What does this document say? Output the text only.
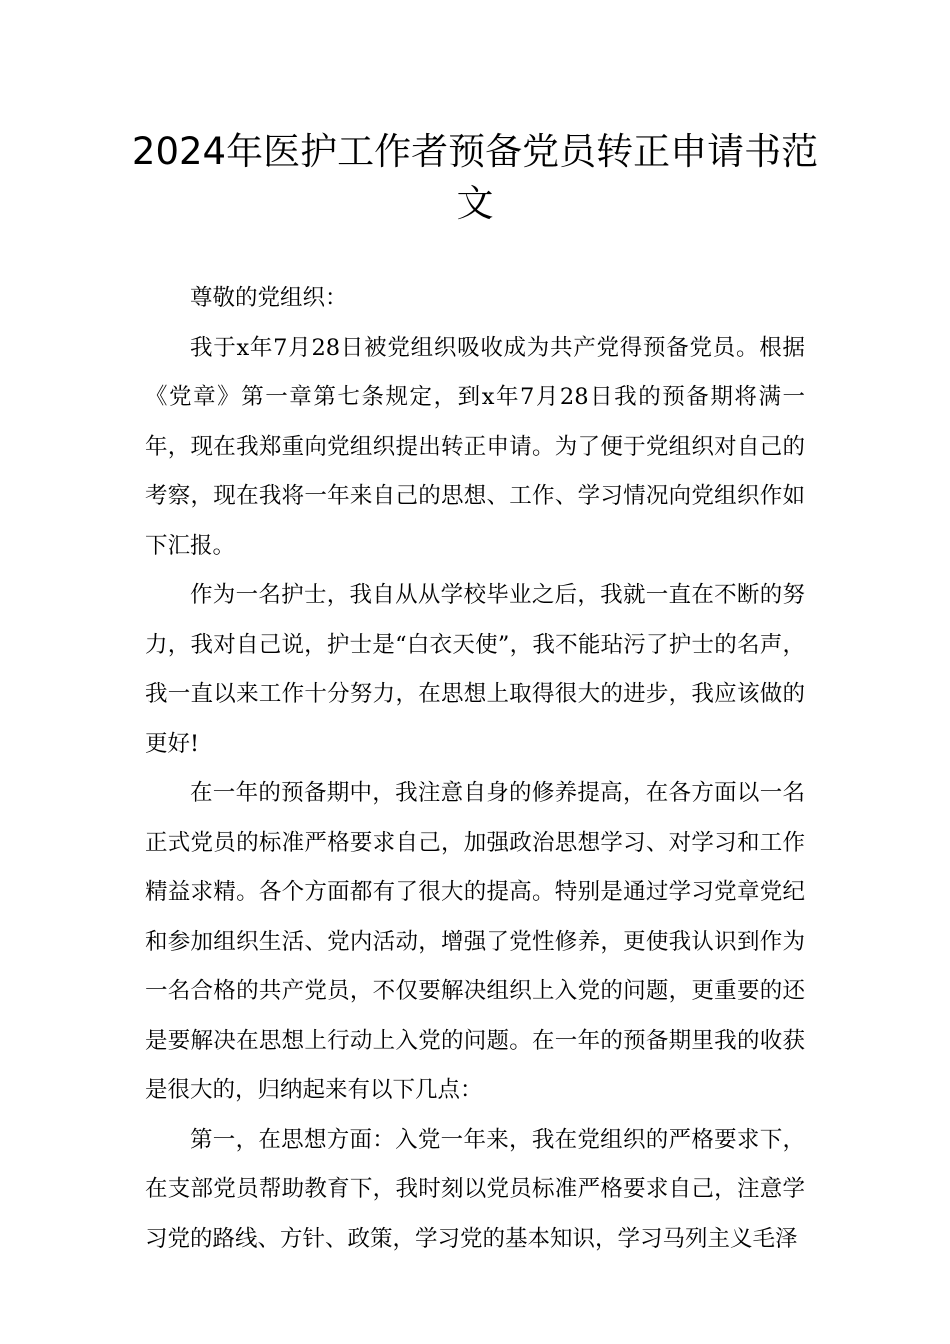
2024年医护工作者预备党员转正申请书范文

尊敬的党组织：

我于x年7月28日被党组织吸收成为共产党得预备党员。根据《党章》第一章第七条规定，到x年7月28日我的预备期将满一年，现在我郑重向党组织提出转正申请。为了便于党组织对自己的考察，现在我将一年来自己的思想、工作、学习情况向党组织作如下汇报。

作为一名护士，我自从从学校毕业之后，我就一直在不断的努力，我对自己说，护士是“白衣天使”，我不能玷污了护士的名声，我一直以来工作十分努力，在思想上取得很大的进步，我应该做的更好!

在一年的预备期中，我注意自身的修养提高，在各方面以一名正式党员的标准严格要求自己，加强政治思想学习、对学习和工作精益求精。各个方面都有了很大的提高。特别是通过学习党章党纪和参加组织生活、党内活动，增强了党性修养，更使我认识到作为一名合格的共产党员，不仅要解决组织上入党的问题，更重要的还是要解决在思想上行动上入党的问题。在一年的预备期里我的收获是很大的，归纳起来有以下几点：

第一，在思想方面：入党一年来，我在党组织的严格要求下，在支部党员帮助教育下，我时刻以党员标准严格要求自己，注意学习党的路线、方针、政策，学习党的基本知识，学习马列主义毛泽
